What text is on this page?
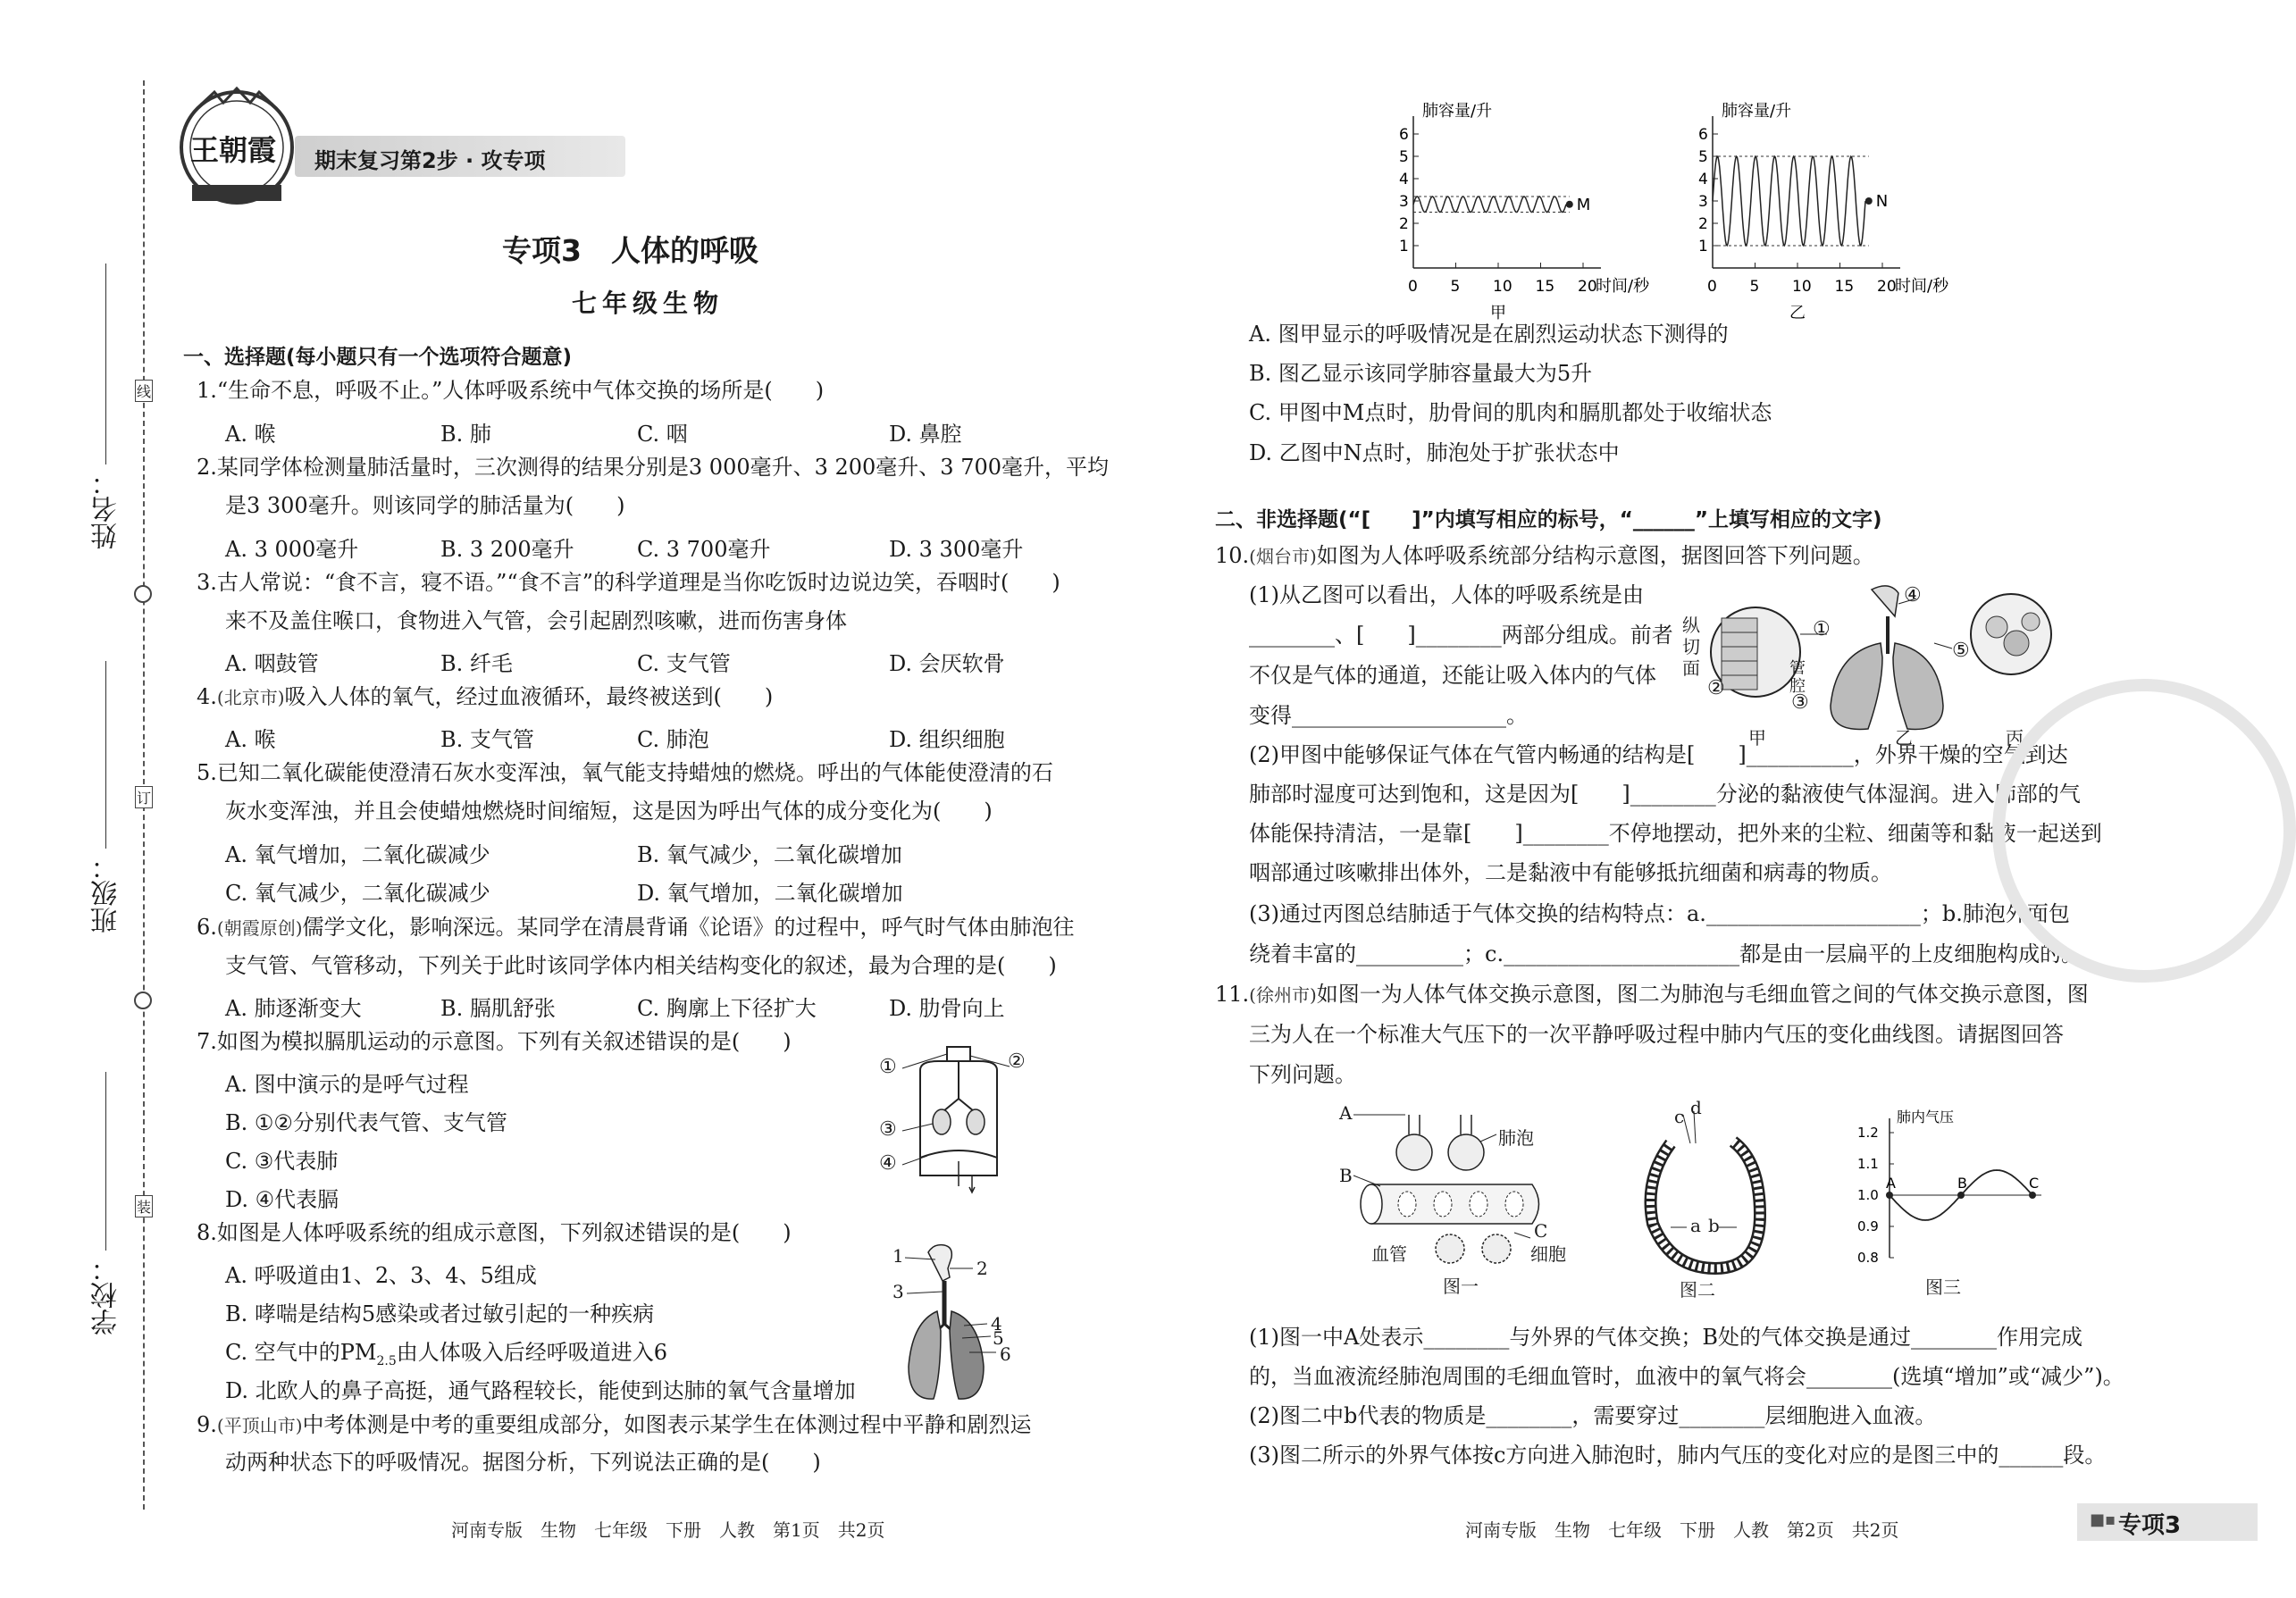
线
订
装
学校：
班级：
姓名：
王朝霞 期末复习第2步 · 攻专项
专项3　人体的呼吸
七年级生物
一、选择题(每小题只有一个选项符合题意)
1.“生命不息，呼吸不止。”人体呼吸系统中气体交换的场所是(　　)
A. 喉	B. 肺	C. 咽	D. 鼻腔
2.某同学体检测量肺活量时，三次测得的结果分别是3 000毫升、3 200毫升、3 700毫升，平均
是3 300毫升。则该同学的肺活量为(　　)
A. 3 000毫升	B. 3 200毫升	C. 3 700毫升	D. 3 300毫升
3.古人常说：“食不言，寝不语。”“食不言”的科学道理是当你吃饭时边说边笑，吞咽时(　　)
来不及盖住喉口，食物进入气管，会引起剧烈咳嗽，进而伤害身体
A. 咽鼓管	B. 纤毛	C. 支气管	D. 会厌软骨
4.(北京市)吸入人体的氧气，经过血液循环，最终被送到(　　)
A. 喉	B. 支气管	C. 肺泡	D. 组织细胞
5.已知二氧化碳能使澄清石灰水变浑浊，氧气能支持蜡烛的燃烧。呼出的气体能使澄清的石
灰水变浑浊，并且会使蜡烛燃烧时间缩短，这是因为呼出气体的成分变化为(　　)
A. 氧气增加，二氧化碳减少	B. 氧气减少，二氧化碳增加
C. 氧气减少，二氧化碳减少	D. 氧气增加，二氧化碳增加
6.(朝霞原创)儒学文化，影响深远。某同学在清晨背诵《论语》的过程中，呼气时气体由肺泡往
支气管、气管移动，下列关于此时该同学体内相关结构变化的叙述，最为合理的是(　　)
A. 肺逐渐变大	B. 膈肌舒张	C. 胸廓上下径扩大	D. 肋骨向上
7.如图为模拟膈肌运动的示意图。下列有关叙述错误的是(　　)
A. 图中演示的是呼气过程
B. ①②分别代表气管、支气管
C. ③代表肺
D. ④代表膈
①	②
③
④
8.如图是人体呼吸系统的组成示意图，下列叙述错误的是(　　)
A. 呼吸道由1、2、3、4、5组成
B. 哮喘是结构5感染或者过敏引起的一种疾病
C. 空气中的$PM_{2.5}$由人体吸入后经呼吸道进入6
D. 北欧人的鼻子高挺，通气路程较长，能使到达肺的氧气含量增加
1
2
3
4
5
6
9.(平顶山市)中考体测是中考的重要组成部分，如图表示某学生在体测过程中平静和剧烈运
动两种状态下的呼吸情况。据图分析，下列说法正确的是(　　)
河南专版　生物　七年级　下册　人教　第1页　共2页
肺容量/升
时间/秒
1
2
3
4
5
6
0 5 10 15 20
M
甲
肺容量/升
时间/秒
1
2
3
4
5
6
0 5 10 15 20
N
乙
A. 图甲显示的呼吸情况是在剧烈运动状态下测得的
B. 图乙显示该同学肺容量最大为5升
C. 甲图中M点时，肋骨间的肌肉和膈肌都处于收缩状态
D. 乙图中N点时，肺泡处于扩张状态中
二、非选择题(“[　　]”内填写相应的标号，“______”上填写相应的文字)
10.(烟台市)如图为人体呼吸系统部分结构示意图，据图回答下列问题。
(1)从乙图可以看出，人体的呼吸系统是由
________、[　　]________两部分组成。前者
不仅是气体的通道，还能让吸入体内的气体
变得____________________。
纵
切
面
①
②
③
④
⑤
管
腔
甲	乙	丙
(2)甲图中能够保证气体在气管内畅通的结构是[　　]__________，外界干燥的空气到达
肺部时湿度可达到饱和，这是因为[　　]________分泌的黏液使气体湿润。进入肺部的气
体能保持清洁，一是靠[　　]________不停地摆动，把外来的尘粒、细菌等和黏液一起送到
咽部通过咳嗽排出体外，二是黏液中有能够抵抗细菌和病毒的物质。
(3)通过丙图总结肺适于气体交换的结构特点：a.____________________；b.肺泡外面包
绕着丰富的__________；c.______________________都是由一层扁平的上皮细胞构成的。
11.(徐州市)如图一为人体气体交换示意图，图二为肺泡与毛细血管之间的气体交换示意图，图
三为人在一个标准大气压下的一次平静呼吸过程中肺内气压的变化曲线图。请据图回答
下列问题。
A
B
C
肺泡
血管	细胞
图一
c d
a b
图二
肺内气压
0.8
0.9
1.0
1.1
1.2
A	B	C
图三
(1)图一中A处表示________与外界的气体交换；B处的气体交换是通过________作用完成
的，当血液流经肺泡周围的毛细血管时，血液中的氧气将会________(选填“增加”或“减少”)。
(2)图二中b代表的物质是________，需要穿过________层细胞进入血液。
(3)图二所示的外界气体按c方向进入肺泡时，肺内气压的变化对应的是图三中的______段。
河南专版　生物　七年级　下册　人教　第2页　共2页	■▪ 专项3
